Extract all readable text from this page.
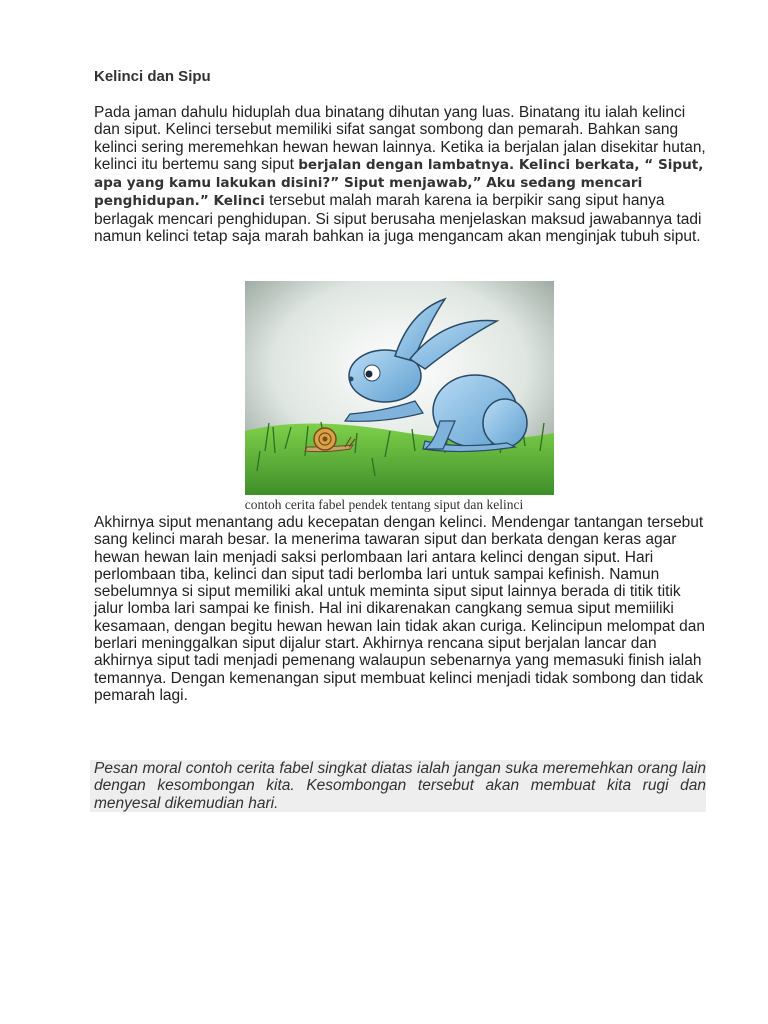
Kelinci dan Sipu
Pada jaman dahulu hiduplah dua binatang dihutan yang luas. Binatang itu ialah kelinci dan siput. Kelinci tersebut memiliki sifat sangat sombong dan pemarah. Bahkan sang kelinci sering meremehkan hewan hewan lainnya. Ketika ia berjalan jalan disekitar hutan, kelinci itu bertemu sang siput berjalan dengan lambatnya. Kelinci berkata, “ Siput, apa yang kamu lakukan disini?” Siput menjawab,” Aku sedang mencari penghidupan.” Kelinci tersebut malah marah karena ia berpikir sang siput hanya berlagak mencari penghidupan. Si siput berusaha menjelaskan maksud jawabannya tadi namun kelinci tetap saja marah bahkan ia juga mengancam akan menginjak tubuh siput.
contoh cerita fabel pendek tentang siput dan kelinci
Akhirnya siput menantang adu kecepatan dengan kelinci. Mendengar tantangan tersebut sang kelinci marah besar. Ia menerima tawaran siput dan berkata dengan keras agar hewan hewan lain menjadi saksi perlombaan lari antara kelinci dengan siput. Hari perlombaan tiba, kelinci dan siput tadi berlomba lari untuk sampai kefinish. Namun sebelumnya si siput memiliki akal untuk meminta siput siput lainnya berada di titik titik jalur lomba lari sampai ke finish. Hal ini dikarenakan cangkang semua siput memiiliki kesamaan, dengan begitu hewan hewan lain tidak akan curiga. Kelincipun melompat dan berlari meninggalkan siput dijalur start. Akhirnya rencana siput berjalan lancar dan akhirnya siput tadi menjadi pemenang walaupun sebenarnya yang memasuki finish ialah temannya. Dengan kemenangan siput membuat kelinci menjadi tidak sombong dan tidak pemarah lagi.
Pesan moral contoh cerita fabel singkat diatas ialah jangan suka meremehkan orang lain dengan kesombongan kita. Kesombongan tersebut akan membuat kita rugi dan menyesal dikemudian hari.
